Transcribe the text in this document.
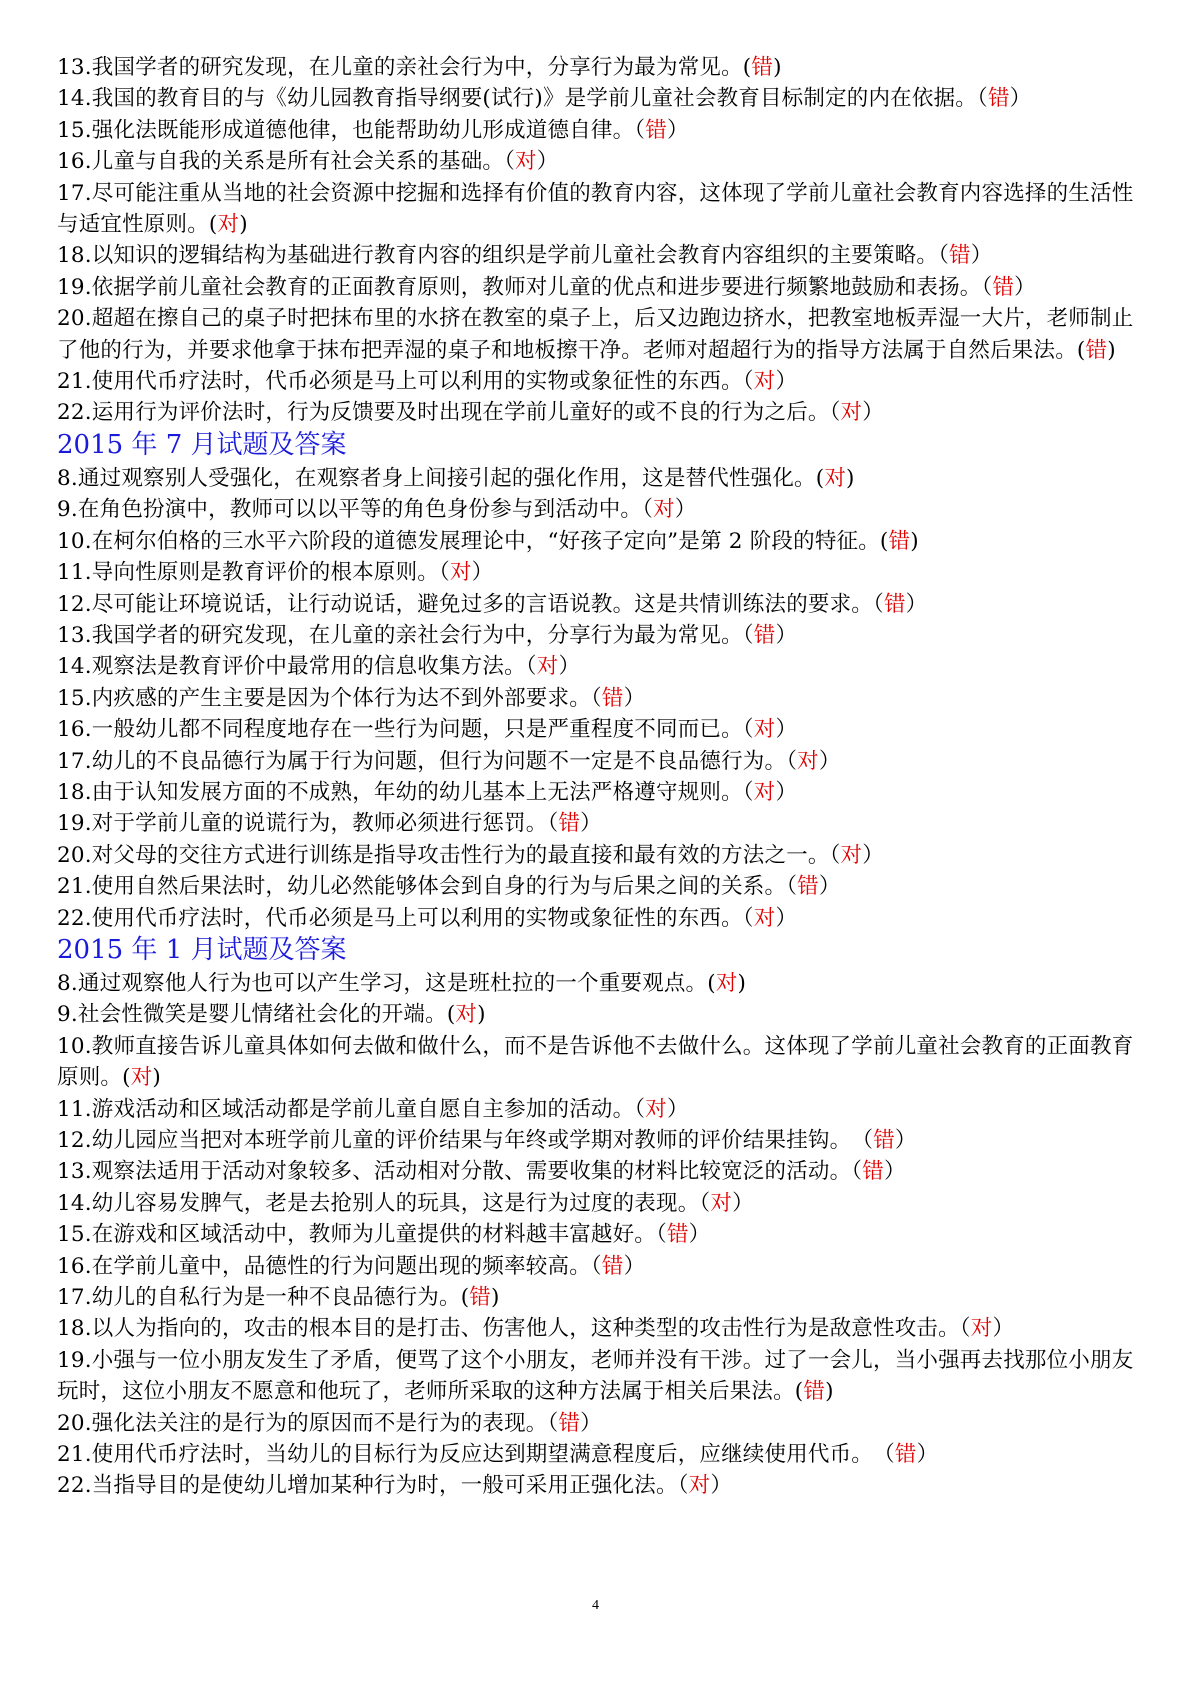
13.我国学者的研究发现，在儿童的亲社会行为中，分享行为最为常见。(错)
14.我国的教育目的与《幼儿园教育指导纲要(试行)》是学前儿童社会教育目标制定的内在依据。（错）
15.强化法既能形成道德他律，也能帮助幼儿形成道德自律。（错）
16.儿童与自我的关系是所有社会关系的基础。（对）
17.尽可能注重从当地的社会资源中挖掘和选择有价值的教育内容，这体现了学前儿童社会教育内容选择的生活性与适宜性原则。(对)
18.以知识的逻辑结构为基础进行教育内容的组织是学前儿童社会教育内容组织的主要策略。（错）
19.依据学前儿童社会教育的正面教育原则，教师对儿童的优点和进步要进行频繁地鼓励和表扬。（错）
20.超超在擦自己的桌子时把抹布里的水挤在教室的桌子上，后又边跑边挤水，把教室地板弄湿一大片，老师制止了他的行为，并要求他拿于抹布把弄湿的桌子和地板擦干净。老师对超超行为的指导方法属于自然后果法。(错)
21.使用代币疗法时，代币必须是马上可以利用的实物或象征性的东西。（对）
22.运用行为评价法时，行为反馈要及时出现在学前儿童好的或不良的行为之后。（对）
2015 年 7 月试题及答案
8.通过观察别人受强化，在观察者身上间接引起的强化作用，这是替代性强化。(对)
9.在角色扮演中，教师可以以平等的角色身份参与到活动中。（对）
10.在柯尔伯格的三水平六阶段的道德发展理论中，“好孩子定向”是第 2 阶段的特征。(错)
11.导向性原则是教育评价的根本原则。（对）
12.尽可能让环境说话，让行动说话，避免过多的言语说教。这是共情训练法的要求。（错）
13.我国学者的研究发现，在儿童的亲社会行为中，分享行为最为常见。（错）
14.观察法是教育评价中最常用的信息收集方法。（对）
15.内疚感的产生主要是因为个体行为达不到外部要求。（错）
16.一般幼儿都不同程度地存在一些行为问题，只是严重程度不同而已。（对）
17.幼儿的不良品德行为属于行为问题，但行为问题不一定是不良品德行为。（对）
18.由于认知发展方面的不成熟，年幼的幼儿基本上无法严格遵守规则。（对）
19.对于学前儿童的说谎行为，教师必须进行惩罚。（错）
20.对父母的交往方式进行训练是指导攻击性行为的最直接和最有效的方法之一。（对）
21.使用自然后果法时，幼儿必然能够体会到自身的行为与后果之间的关系。（错）
22.使用代币疗法时，代币必须是马上可以利用的实物或象征性的东西。（对）
2015 年 1 月试题及答案
8.通过观察他人行为也可以产生学习，这是班杜拉的一个重要观点。(对)
9.社会性微笑是婴儿情绪社会化的开端。(对)
10.教师直接告诉儿童具体如何去做和做什么，而不是告诉他不去做什么。这体现了学前儿童社会教育的正面教育原则。(对)
11.游戏活动和区域活动都是学前儿童自愿自主参加的活动。（对）
12.幼儿园应当把对本班学前儿童的评价结果与年终或学期对教师的评价结果挂钩。　（错）
13.观察法适用于活动对象较多、活动相对分散、需要收集的材料比较宽泛的活动。（错）
14.幼儿容易发脾气，老是去抢别人的玩具，这是行为过度的表现。（对）
15.在游戏和区域活动中，教师为儿童提供的材料越丰富越好。（错）
16.在学前儿童中，品德性的行为问题出现的频率较高。（错）
17.幼儿的自私行为是一种不良品德行为。(错)
18.以人为指向的，攻击的根本目的是打击、伤害他人，这种类型的攻击性行为是敌意性攻击。（对）
19.小强与一位小朋友发生了矛盾，便骂了这个小朋友，老师并没有干涉。过了一会儿，当小强再去找那位小朋友玩时，这位小朋友不愿意和他玩了，老师所采取的这种方法属于相关后果法。(错)
20.强化法关注的是行为的原因而不是行为的表现。（错）
21.使用代币疗法时，当幼儿的目标行为反应达到期望满意程度后，应继续使用代币。　（错）
22.当指导目的是使幼儿增加某种行为时，一般可采用正强化法。（对）
4
